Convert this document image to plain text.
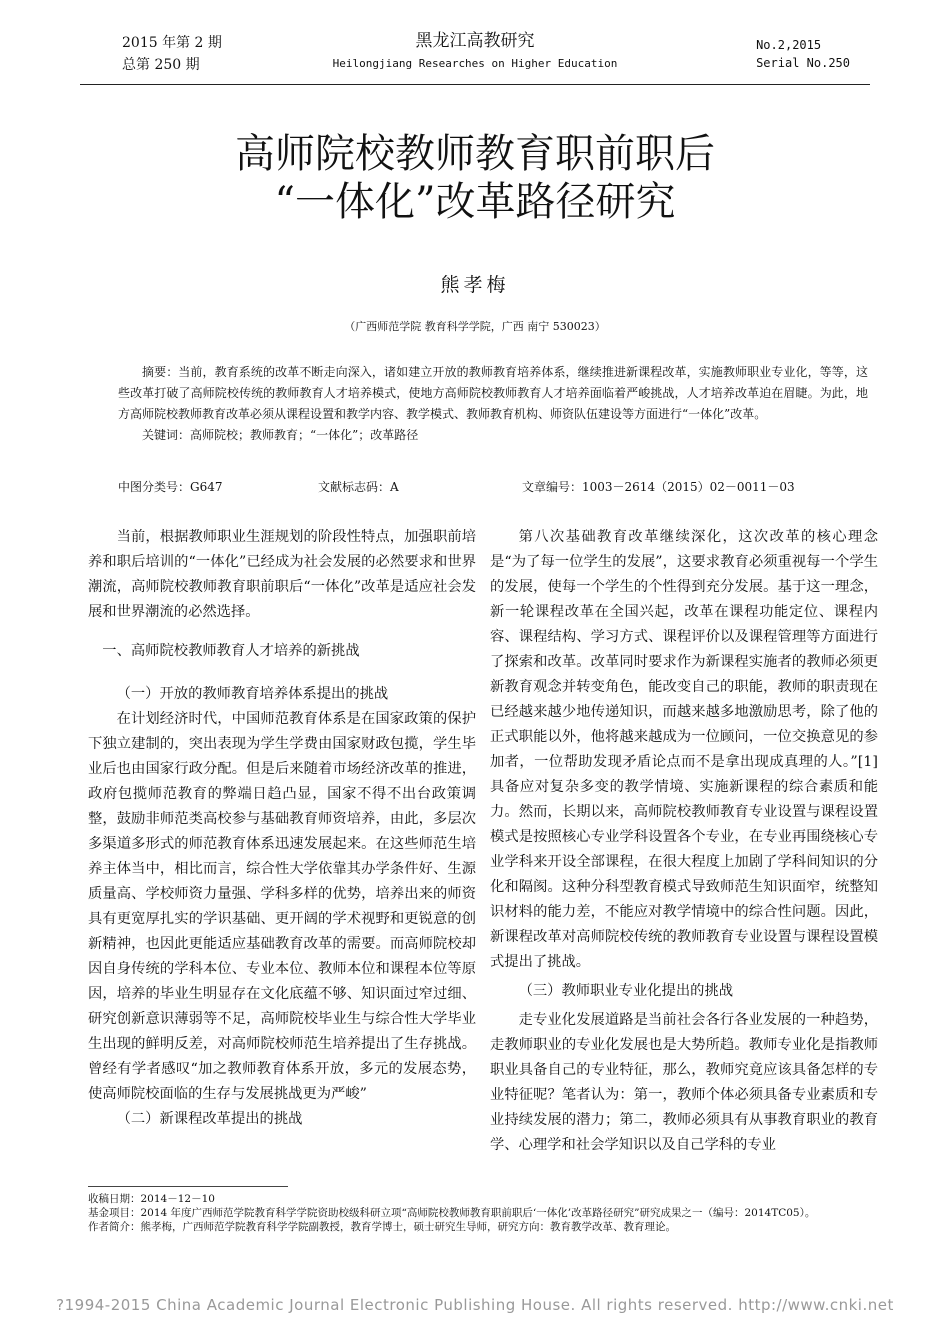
2015 年第 2 期
总第 250 期
黑龙江高教研究
Heilongjiang Researches on Higher Education
No.2,2015
Serial No.250
高师院校教师教育职前职后
“一体化”改革路径研究
熊孝梅
（广西师范学院 教育科学学院，广西 南宁 530023）

摘要：当前，教育系统的改革不断走向深入，诸如建立开放的教师教育培养体系，继续推进新课程改革，实施教师职业专业化，等等，这些改革打破了高师院校传统的教师教育人才培养模式，使地方高师院校教师教育人才培养面临着严峻挑战，人才培养改革迫在眉睫。为此，地方高师院校教师教育改革必须从课程设置和教学内容、教学模式、教师教育机构、师资队伍建设等方面进行“一体化”改革。

关键词：高师院校；教师教育；“一体化”；改革路径

中图分类号：G647	文献标志码：A	文章编号：1003－2614（2015）02－0011－03

当前，根据教师职业生涯规划的阶段性特点，加强职前培养和职后培训的“一体化”已经成为社会发展的必然要求和世界潮流，高师院校教师教育职前职后“一体化”改革是适应社会发展和世界潮流的必然选择。

一、高师院校教师教育人才培养的新挑战

（一）开放的教师教育培养体系提出的挑战

在计划经济时代，中国师范教育体系是在国家政策的保护下独立建制的，突出表现为学生学费由国家财政包揽，学生毕业后也由国家行政分配。但是后来随着市场经济改革的推进，政府包揽师范教育的弊端日趋凸显，国家不得不出台政策调整，鼓励非师范类高校参与基础教育师资培养，由此，多层次多渠道多形式的师范教育体系迅速发展起来。在这些师范生培养主体当中，相比而言，综合性大学依靠其办学条件好、生源质量高、学校师资力量强、学科多样的优势，培养出来的师资具有更宽厚扎实的学识基础、更开阔的学术视野和更锐意的创新精神，也因此更能适应基础教育改革的需要。而高师院校却因自身传统的学科本位、专业本位、教师本位和课程本位等原因，培养的毕业生明显存在文化底蕴不够、知识面过窄过细、研究创新意识薄弱等不足，高师院校毕业生与综合性大学毕业生出现的鲜明反差，对高师院校师范生培养提出了生存挑战。曾经有学者感叹“加之教师教育体系开放，多元的发展态势，使高师院校面临的生存与发展挑战更为严峻”

（二）新课程改革提出的挑战

第八次基础教育改革继续深化，这次改革的核心理念是“为了每一位学生的发展”，这要求教育必须重视每一个学生的发展，使每一个学生的个性得到充分发展。基于这一理念，新一轮课程改革在全国兴起，改革在课程功能定位、课程内容、课程结构、学习方式、课程评价以及课程管理等方面进行了探索和改革。改革同时要求作为新课程实施者的教师必须更新教育观念并转变角色，能改变自己的职能，教师的职责现在已经越来越少地传递知识，而越来越多地激励思考，除了他的正式职能以外，他将越来越成为一位顾问，一位交换意见的参加者，一位帮助发现矛盾论点而不是拿出现成真理的人。”[1] 具备应对复杂多变的教学情境、实施新课程的综合素质和能力。然而，长期以来，高师院校教师教育专业设置与课程设置模式是按照核心专业学科设置各个专业，在专业再围绕核心专业学科来开设全部课程，在很大程度上加剧了学科间知识的分化和隔阂。这种分科型教育模式导致师范生知识面窄，统整知识材料的能力差，不能应对教学情境中的综合性问题。因此，新课程改革对高师院校传统的教师教育专业设置与课程设置模式提出了挑战。

（三）教师职业专业化提出的挑战

走专业化发展道路是当前社会各行各业发展的一种趋势，走教师职业的专业化发展也是大势所趋。教师专业化是指教师职业具备自己的专业特征，那么，教师究竟应该具备怎样的专业特征呢？笔者认为：第一，教师个体必须具备专业素质和专业持续发展的潜力；第二，教师必须具有从事教育职业的教育学、心理学和社会学知识以及自己学科的专业

收稿日期：2014－12－10
基金项目：2014 年度广西师范学院教育科学学院资助校级科研立项“高师院校教师教育职前职后‘一体化’改革路径研究”研究成果之一（编号：2014TC05）。
作者简介：熊孝梅，广西师范学院教育科学学院副教授，教育学博士，硕士研究生导师，研究方向：教育教学改革、教育理论。
?1994-2015 China Academic Journal Electronic Publishing House. All rights reserved. http://www.cnki.net
